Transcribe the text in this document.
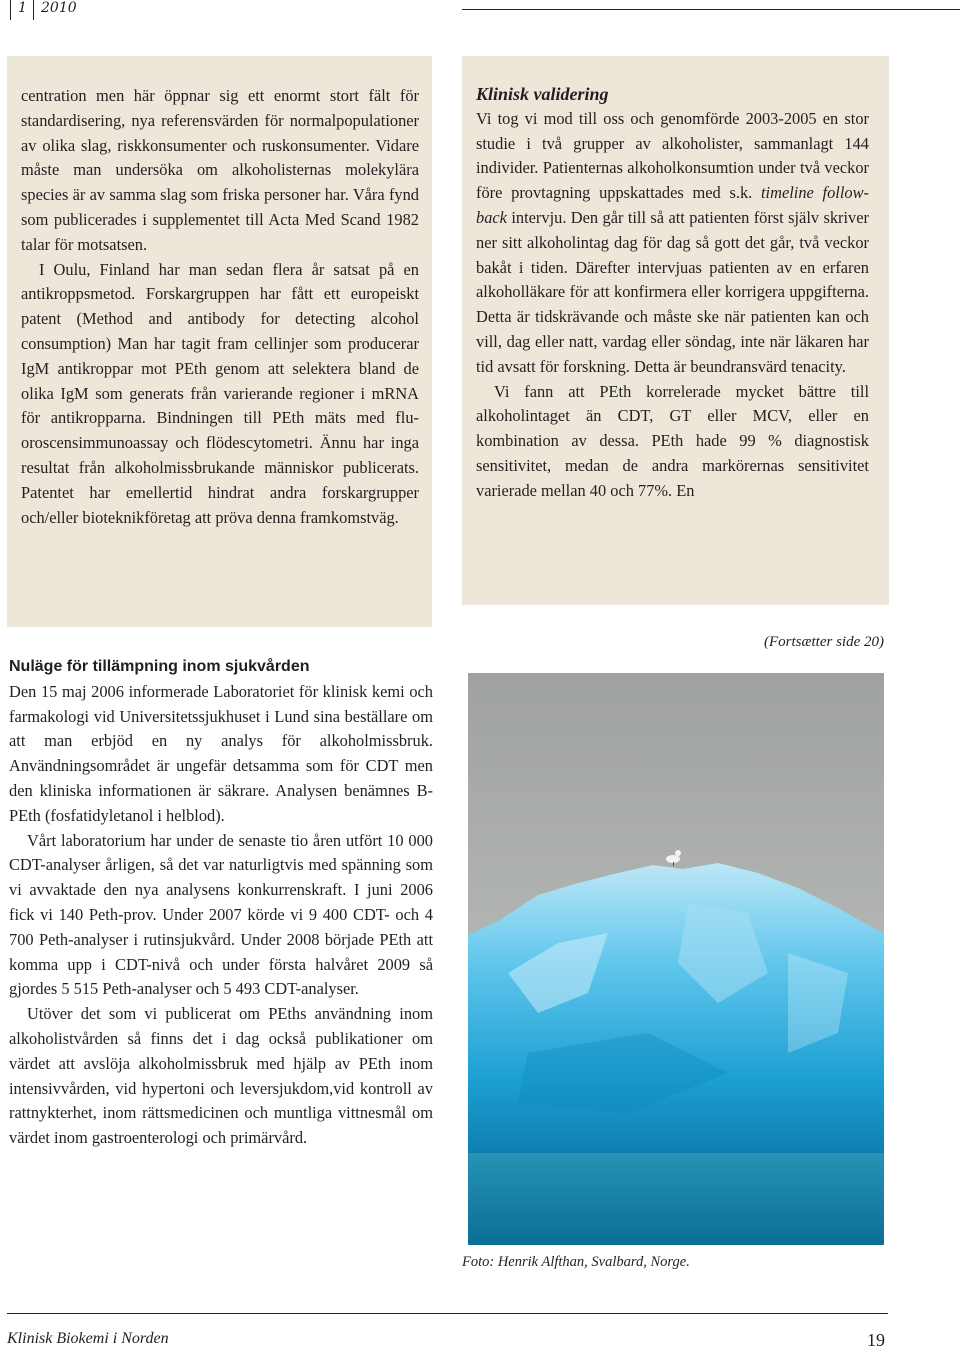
1 2010

centration men här öppnar sig ett enormt stort fält för standardisering, nya referensvärden för normalpopulationer av olika slag, riskkonsumenter och ruskonsumenter. Vidare måste man undersöka om alkoholisternas molekylära species är av samma slag som friska personer har. Våra fynd som publicerades i supplementet till Acta Med Scand 1982 talar för motsatsen.

I Oulu, Finland har man sedan flera år satsat på en antikroppsmetod. Forskargruppen har fått ett europeiskt patent (Method and antibody for detecting alcohol consumption) Man har tagit fram cellinjer som producerar IgM antikroppar mot PEth genom att selektera bland de olika IgM som generats från varierande regioner i mRNA för antikropparna. Bindningen till PEth mäts med fluoroscensimmunoassay och flödescytometri. Ännu har inga resultat från alkoholmissbrukande människor publicerats. Patentet har emellertid hindrat andra forskargrupper och/eller bioteknikföretag att pröva denna framkomstväg.

Klinisk validering

Vi tog vi mod till oss och genomförde 2003-2005 en stor studie i två grupper av alkoholister, sammanlagt 144 individer. Patienternas alkoholkonsumtion under två veckor före provtagning uppskattades med s.k. timeline follow-back intervju. Den går till så att patienten först själv skriver ner sitt alkoholintag dag för dag så gott det går, två veckor bakåt i tiden. Därefter intervjuas patienten av en erfaren alkoholläkare för att konfirmera eller korrigera uppgifterna. Detta är tidskrävande och måste ske när patienten kan och vill, dag eller natt, vardag eller söndag, inte när läkaren har tid avsatt för forskning. Detta är beundransvärd tenacity.

Vi fann att PEth korrelerade mycket bättre till alkoholintaget än CDT, GT eller MCV, eller en kombination av dessa. PEth hade 99 % diagnostisk sensitivitet, medan de andra markörernas sensitivitet varierade mellan 40 och 77%. En

(Fortsætter side 20)
Nuläge för tillämpning inom sjukvården

Den 15 maj 2006 informerade Laboratoriet för klinisk kemi och farmakologi vid Universitetssjukhuset i Lund sina beställare om att man erbjöd en ny analys för alkoholmissbruk. Användningsområdet är ungefär detsamma som för CDT men den kliniska informationen är säkrare. Analysen benämnes B-PEth (fosfatidyletanol i helblod).

Vårt laboratorium har under de senaste tio åren utfört 10 000 CDT-analyser årligen, så det var naturligtvis med spänning som vi avvaktade den nya analysens konkurrenskraft. I juni 2006 fick vi 140 Peth-prov. Under 2007 körde vi 9 400 CDT- och 4 700 Peth-analyser i rutinsjukvård. Under 2008 började PEth att komma upp i CDT-nivå och under första halvåret 2009 så gjordes 5 515 Peth-analyser och 5 493 CDT-analyser.

Utöver det som vi publicerat om PEths användning inom alkoholistvården så finns det i dag också publikationer om värdet att avslöja alkoholmissbruk med hjälp av PEth inom intensivvården, vid hypertoni och leversjukdom,vid kontroll av rattnykterhet, inom rättsmedicinen och muntliga vittnesmål om värdet inom gastroenterologi och primärvård.

Foto: Henrik Alfthan, Svalbard, Norge.
Klinisk Biokemi i Norden	19
